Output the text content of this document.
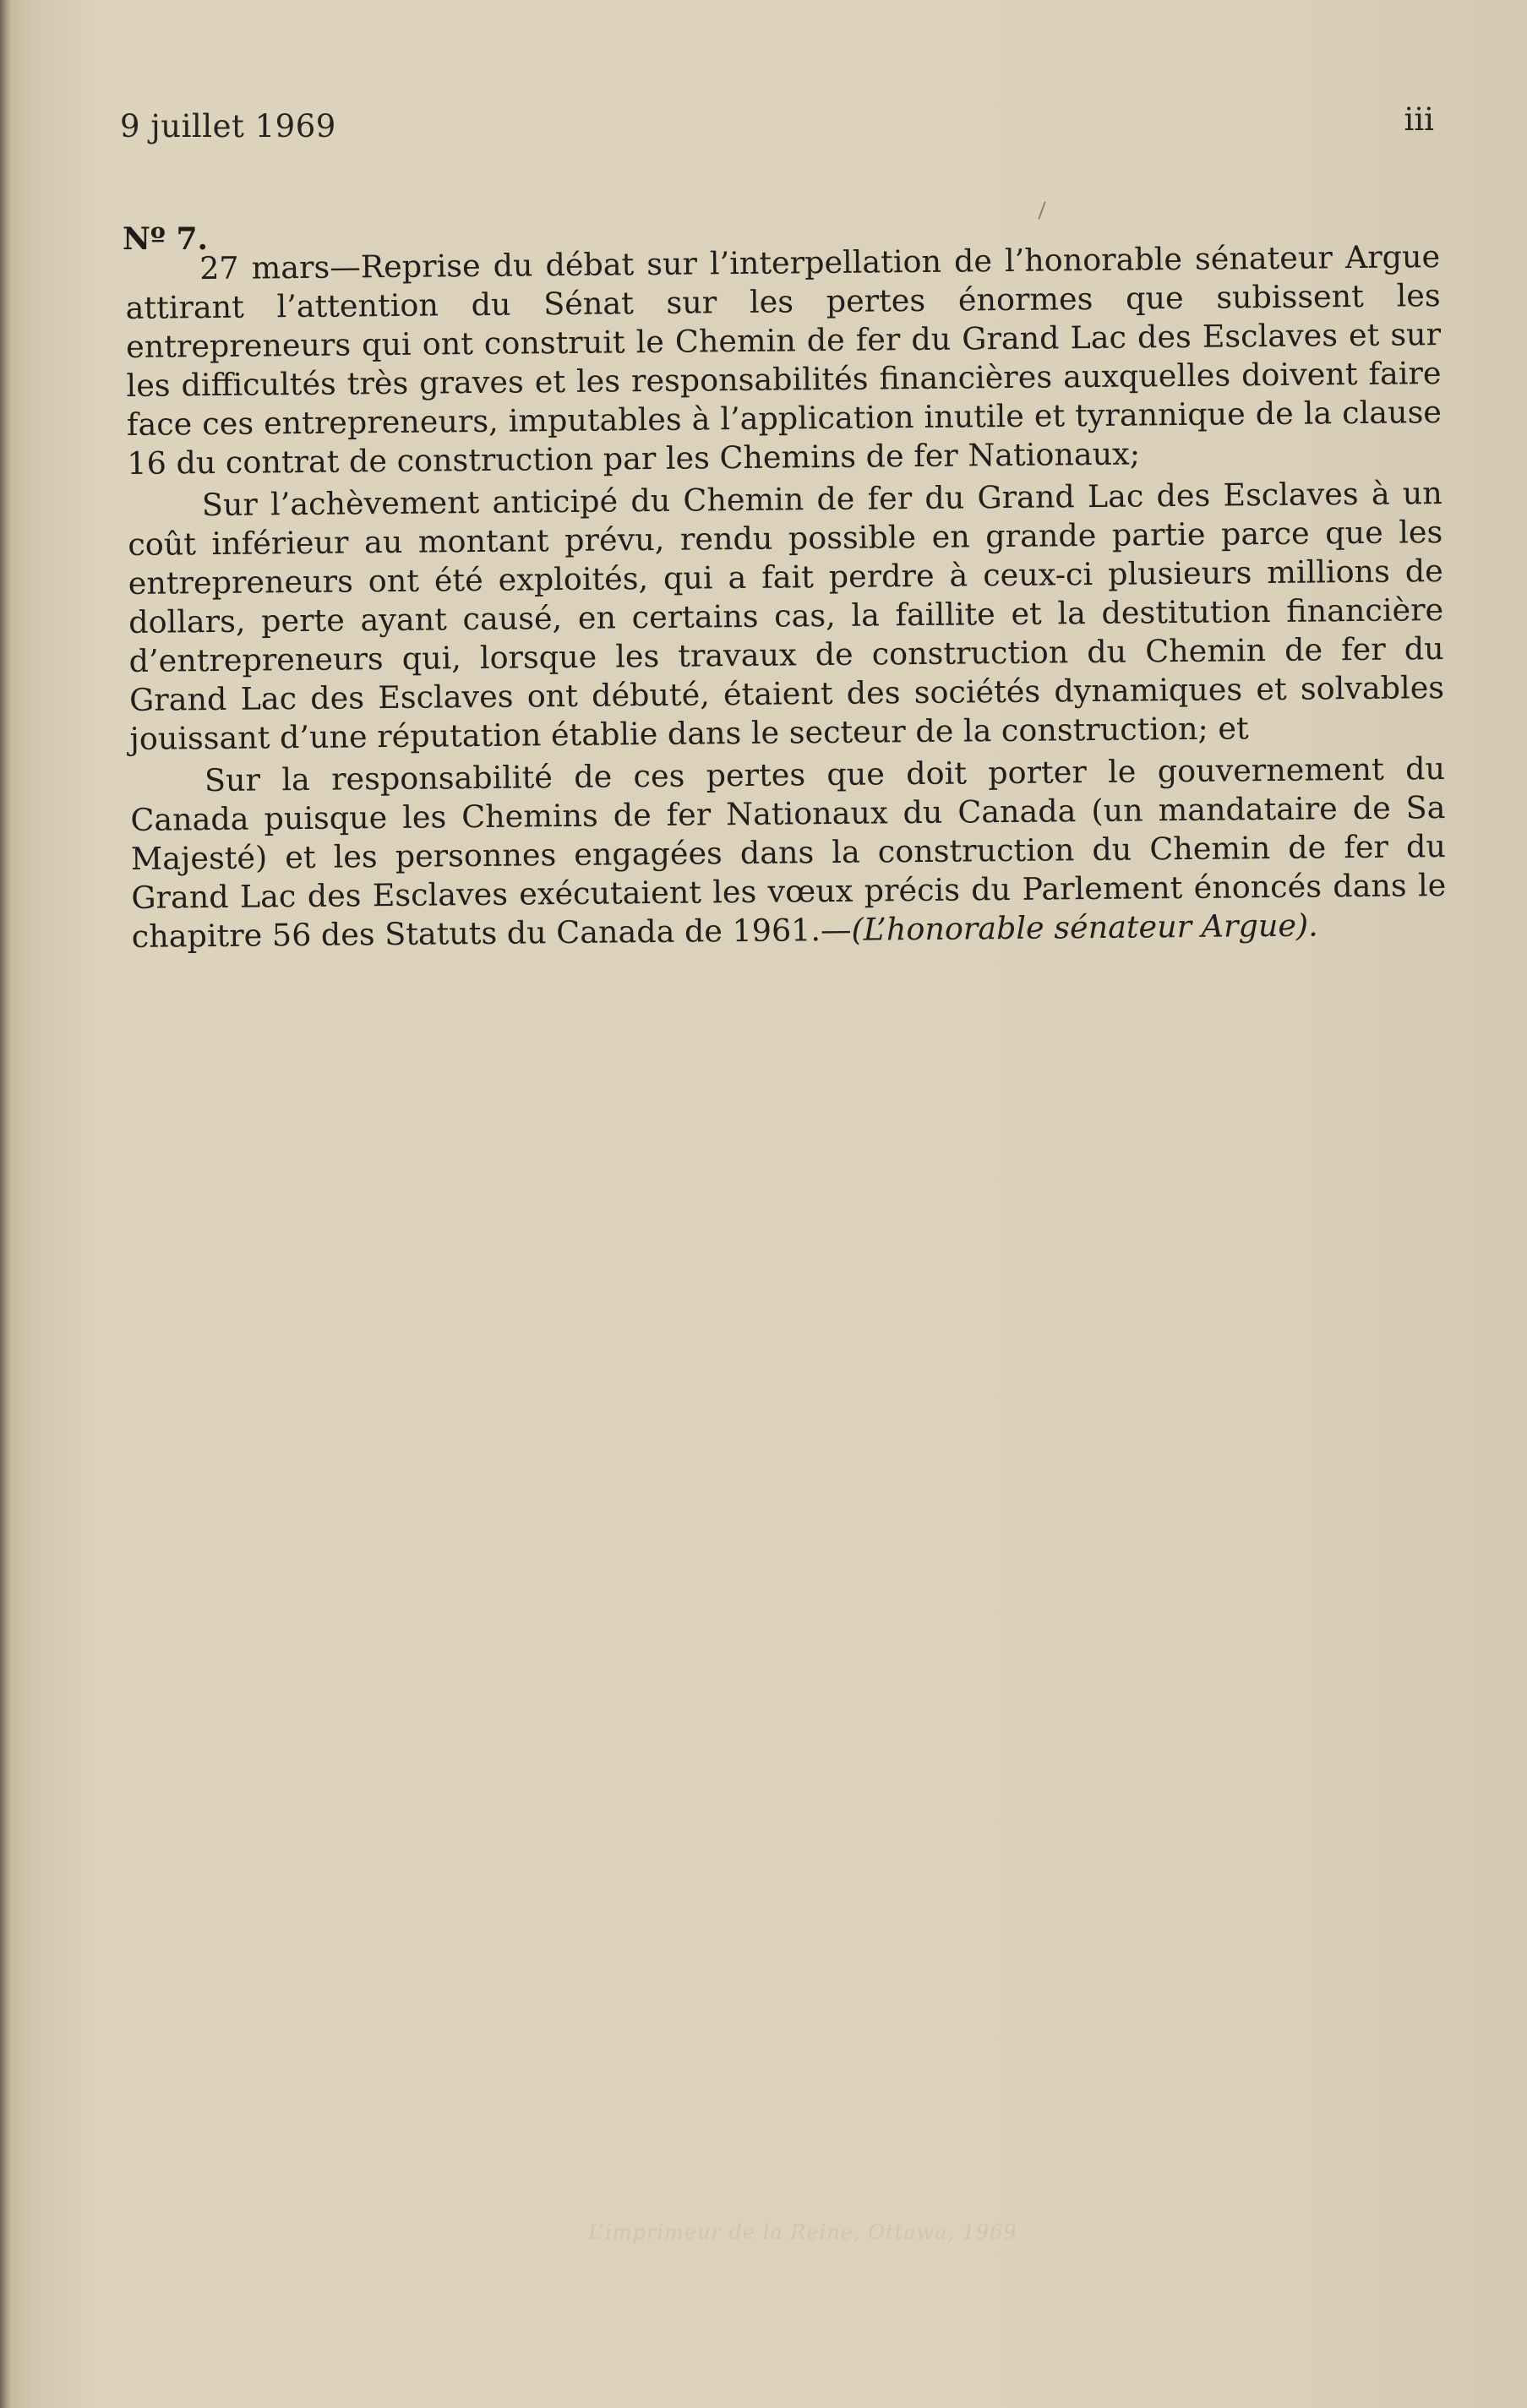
9 juillet 1969	iii
Nº 7.

27 mars—Reprise du débat sur l’interpellation de l’honorable sénateur Argue attirant l’attention du Sénat sur les pertes énormes que subissent les entrepreneurs qui ont construit le Chemin de fer du Grand Lac des Esclaves et sur les difficultés très graves et les responsabilités financières auxquelles doivent faire face ces entrepreneurs, imputables à l’application inutile et tyrannique de la clause 16 du contrat de construction par les Chemins de fer Nationaux;

Sur l’achèvement anticipé du Chemin de fer du Grand Lac des Esclaves à un coût inférieur au montant prévu, rendu possible en grande partie parce que les entrepreneurs ont été exploités, qui a fait perdre à ceux-ci plusieurs millions de dollars, perte ayant causé, en certains cas, la faillite et la destitution financière d’entrepreneurs qui, lorsque les travaux de construction du Chemin de fer du Grand Lac des Esclaves ont débuté, étaient des sociétés dynamiques et solvables jouissant d’une réputation établie dans le secteur de la construction; et

Sur la responsabilité de ces pertes que doit porter le gouvernement du Canada puisque les Chemins de fer Nationaux du Canada (un mandataire de Sa Majesté) et les personnes engagées dans la construction du Chemin de fer du Grand Lac des Esclaves exécutaient les vœux précis du Parlement énoncés dans le chapitre 56 des Statuts du Canada de 1961.—(L’honorable sénateur Argue).

L’imprimeur de la Reine, Ottawa, 1969
